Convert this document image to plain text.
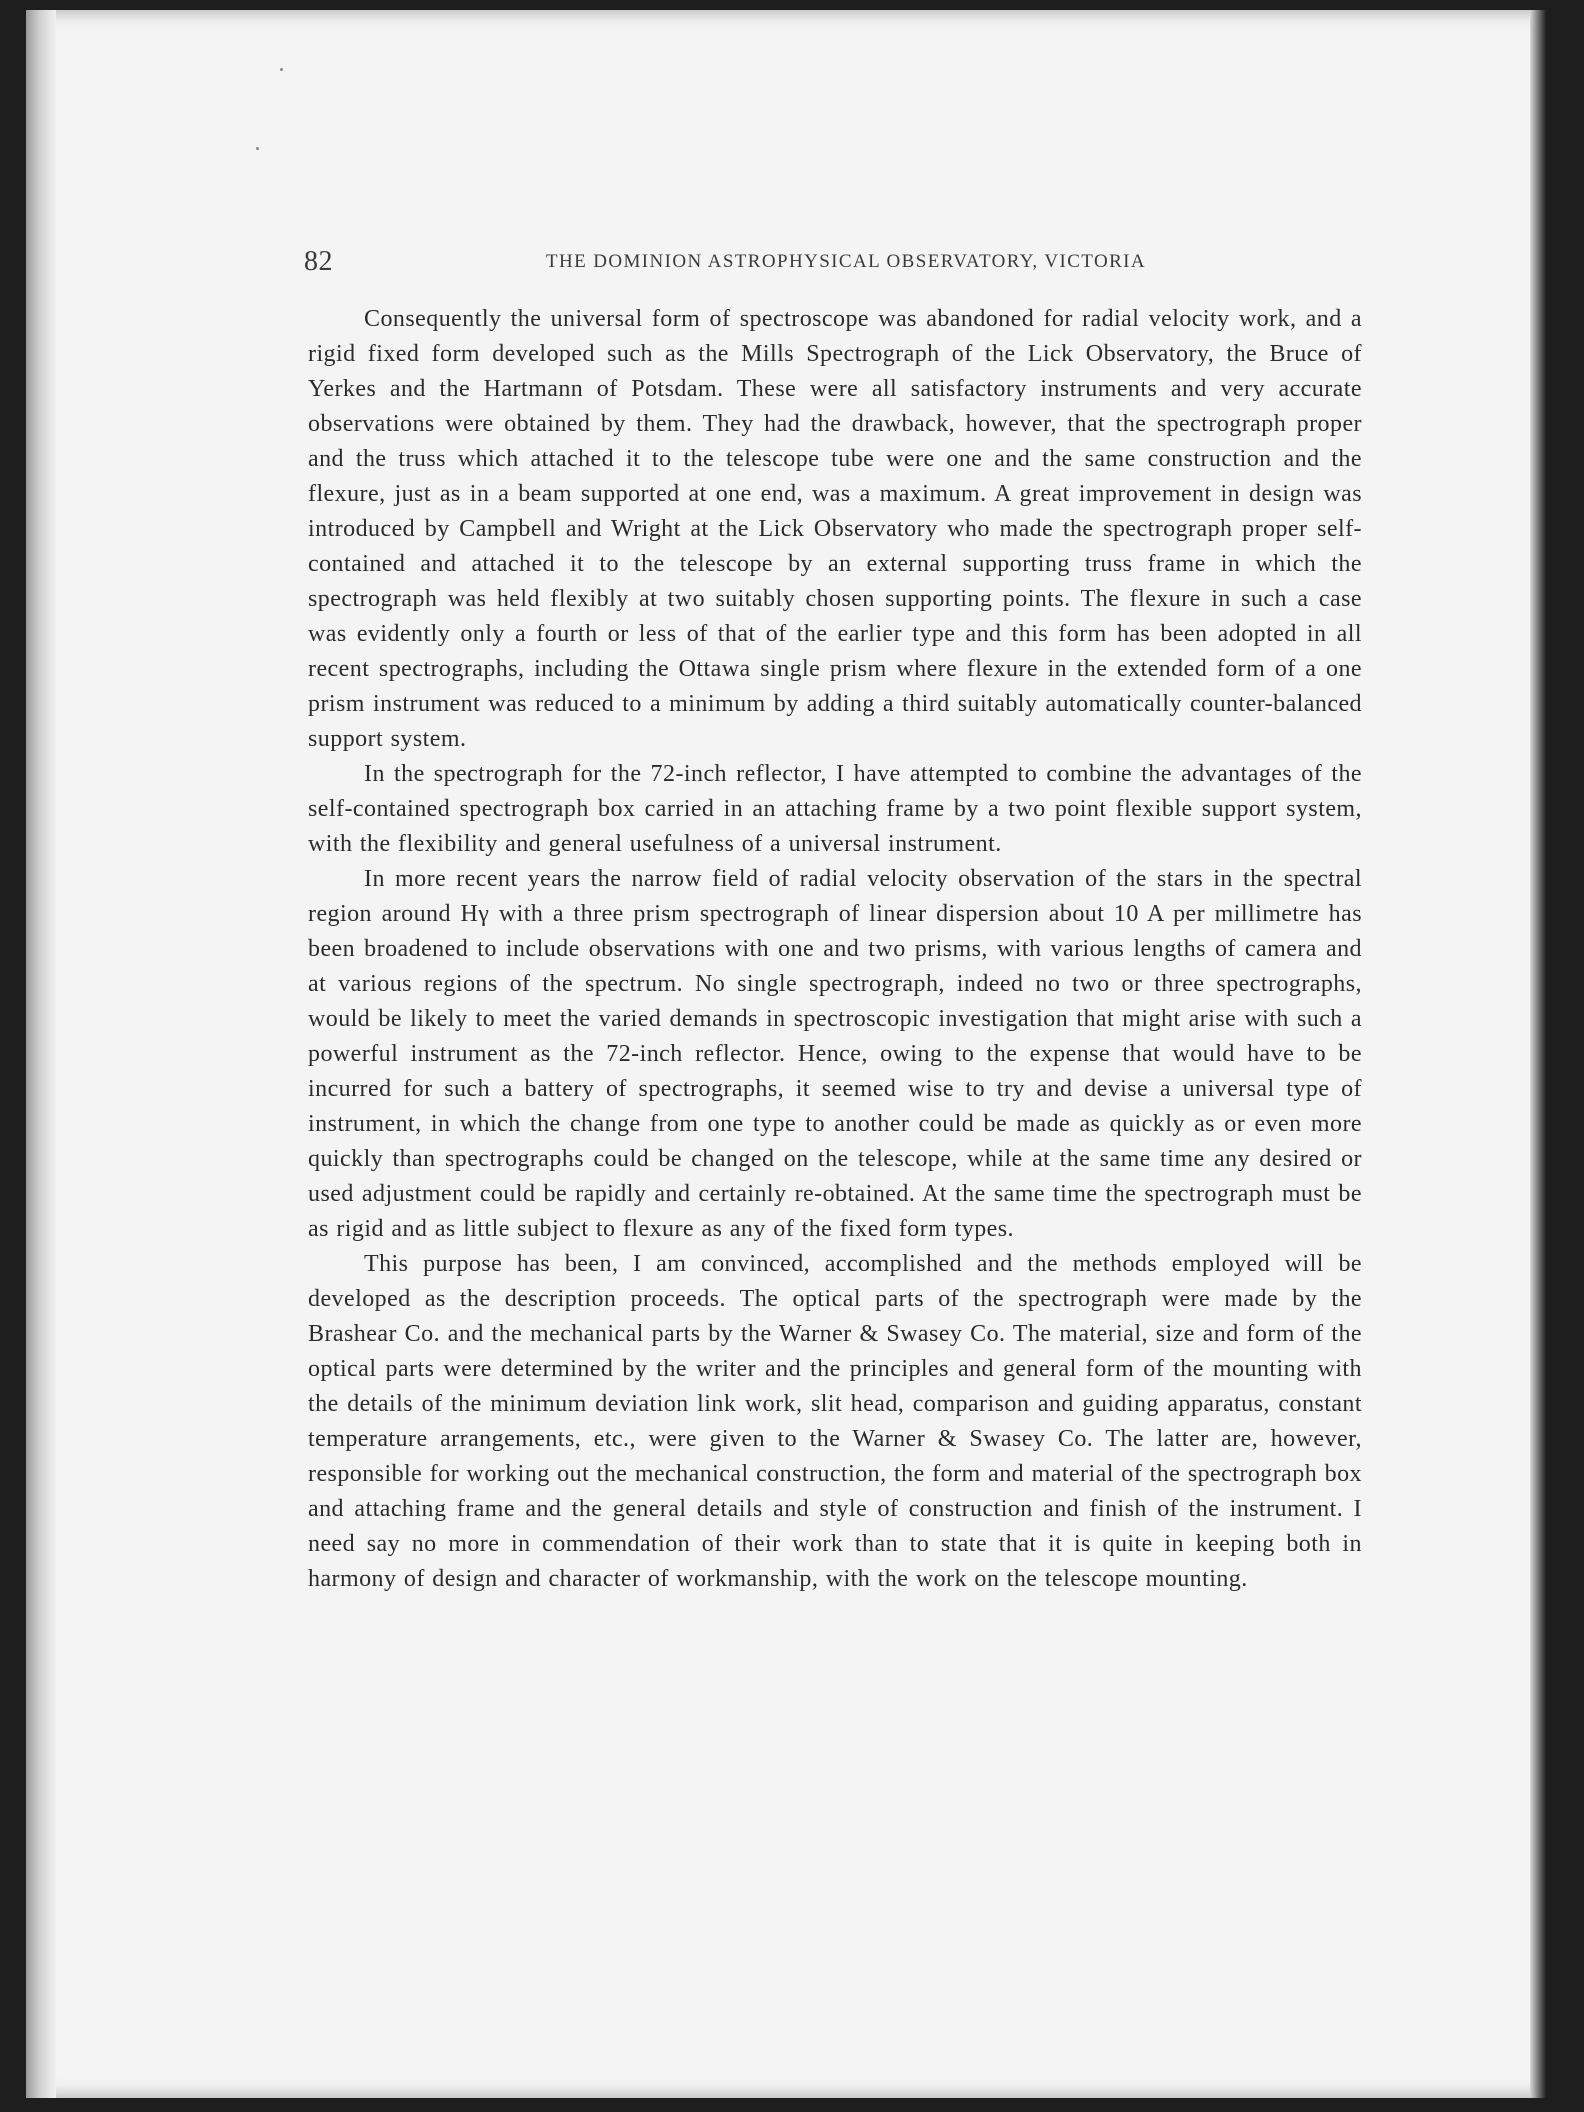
82	THE DOMINION ASTROPHYSICAL OBSERVATORY, VICTORIA

Consequently the universal form of spectroscope was abandoned for radial velocity work, and a rigid fixed form developed such as the Mills Spectrograph of the Lick Observatory, the Bruce of Yerkes and the Hartmann of Potsdam. These were all satisfactory instruments and very accurate observations were obtained by them. They had the drawback, however, that the spectrograph proper and the truss which attached it to the telescope tube were one and the same construction and the flexure, just as in a beam supported at one end, was a maximum. A great improvement in design was introduced by Campbell and Wright at the Lick Observatory who made the spectrograph proper self-contained and attached it to the telescope by an external supporting truss frame in which the spectrograph was held flexibly at two suitably chosen supporting points. The flexure in such a case was evidently only a fourth or less of that of the earlier type and this form has been adopted in all recent spectrographs, including the Ottawa single prism where flexure in the extended form of a one prism instrument was reduced to a minimum by adding a third suitably automatically counter-balanced support system.

In the spectrograph for the 72-inch reflector, I have attempted to combine the advantages of the self-contained spectrograph box carried in an attaching frame by a two point flexible support system, with the flexibility and general usefulness of a universal instrument.

In more recent years the narrow field of radial velocity observation of the stars in the spectral region around Hγ with a three prism spectrograph of linear dispersion about 10 A per millimetre has been broadened to include observations with one and two prisms, with various lengths of camera and at various regions of the spectrum. No single spectrograph, indeed no two or three spectrographs, would be likely to meet the varied demands in spectroscopic investigation that might arise with such a powerful instrument as the 72-inch reflector. Hence, owing to the expense that would have to be incurred for such a battery of spectrographs, it seemed wise to try and devise a universal type of instrument, in which the change from one type to another could be made as quickly as or even more quickly than spectrographs could be changed on the telescope, while at the same time any desired or used adjustment could be rapidly and certainly re-obtained. At the same time the spectrograph must be as rigid and as little subject to flexure as any of the fixed form types.

This purpose has been, I am convinced, accomplished and the methods employed will be developed as the description proceeds. The optical parts of the spectrograph were made by the Brashear Co. and the mechanical parts by the Warner & Swasey Co. The material, size and form of the optical parts were determined by the writer and the principles and general form of the mounting with the details of the minimum deviation link work, slit head, comparison and guiding apparatus, constant temperature arrangements, etc., were given to the Warner & Swasey Co. The latter are, however, responsible for working out the mechanical construction, the form and material of the spectrograph box and attaching frame and the general details and style of construction and finish of the instrument. I need say no more in commendation of their work than to state that it is quite in keeping both in harmony of design and character of workmanship, with the work on the telescope mounting.
